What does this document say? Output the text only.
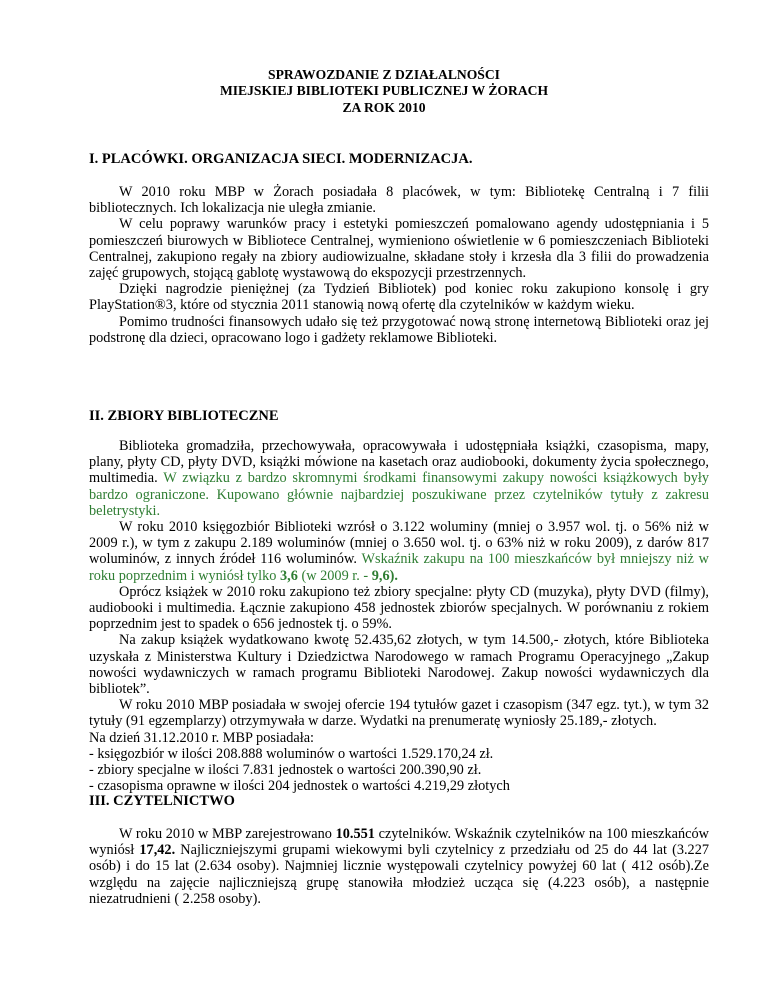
SPRAWOZDANIE Z DZIAŁALNOŚCI
MIEJSKIEJ BIBLIOTEKI PUBLICZNEJ W ŻORACH
ZA ROK 2010
I. PLACÓWKI. ORGANIZACJA SIECI. MODERNIZACJA.
W 2010 roku MBP w Żorach posiadała 8 placówek, w tym: Bibliotekę Centralną i 7 filii bibliotecznych. Ich lokalizacja nie uległa zmianie.
W celu poprawy warunków pracy i estetyki pomieszczeń pomalowano agendy udostępniania i 5 pomieszczeń biurowych w Bibliotece Centralnej, wymieniono oświetlenie w 6 pomieszczeniach Biblioteki Centralnej, zakupiono regały na zbiory audiowizualne, składane stoły i krzesła dla 3 filii do prowadzenia zajęć grupowych, stojącą gablotę wystawową do ekspozycji przestrzennych.
Dzięki nagrodzie pieniężnej (za Tydzień Bibliotek) pod koniec roku zakupiono konsolę i gry PlayStation®3, które od stycznia 2011 stanowią nową ofertę dla czytelników w każdym wieku.
Pomimo trudności finansowych udało się też przygotować nową stronę internetową Biblioteki oraz jej podstronę dla dzieci, opracowano logo i gadżety reklamowe Biblioteki.
II. ZBIORY BIBLIOTECZNE
Biblioteka gromadziła, przechowywała, opracowywała i udostępniała książki, czasopisma, mapy, plany, płyty CD, płyty DVD, książki mówione na kasetach oraz audiobooki, dokumenty życia społecznego, multimedia. W związku z bardzo skromnymi środkami finansowymi zakupy nowości książkowych były bardzo ograniczone. Kupowano głównie najbardziej poszukiwane przez czytelników tytuły z zakresu beletrystyki.
W roku 2010 księgozbiór Biblioteki wzrósł o 3.122 woluminy (mniej o 3.957 wol. tj. o 56% niż w 2009 r.), w tym z zakupu 2.189 woluminów (mniej o 3.650 wol. tj. o 63% niż w roku 2009), z darów 817 woluminów, z innych źródeł 116 woluminów. Wskaźnik zakupu na 100 mieszkańców był mniejszy niż w roku poprzednim i wyniósł tylko 3,6 (w 2009 r. - 9,6).
Oprócz książek w 2010 roku zakupiono też zbiory specjalne: płyty CD (muzyka), płyty DVD (filmy), audiobooki i multimedia. Łącznie zakupiono 458 jednostek zbiorów specjalnych. W porównaniu z rokiem poprzednim jest to spadek o 656 jednostek tj. o 59%.
Na zakup książek wydatkowano kwotę 52.435,62 złotych, w tym 14.500,- złotych, które Biblioteka uzyskała z Ministerstwa Kultury i Dziedzictwa Narodowego w ramach Programu Operacyjnego „Zakup nowości wydawniczych w ramach programu Biblioteki Narodowej. Zakup nowości wydawniczych dla bibliotek”.
W roku 2010 MBP posiadała w swojej ofercie 194 tytułów gazet i czasopism (347 egz. tyt.), w tym 32 tytuły (91 egzemplarzy) otrzymywała w darze. Wydatki na prenumeratę wyniosły 25.189,- złotych.
Na dzień 31.12.2010 r. MBP posiadała:
- księgozbiór w ilości 208.888 woluminów o wartości 1.529.170,24 zł.
- zbiory specjalne w ilości 7.831 jednostek o wartości 200.390,90 zł.
- czasopisma oprawne w ilości 204 jednostek o wartości 4.219,29 złotych
III. CZYTELNICTWO
W roku 2010 w MBP zarejestrowano 10.551 czytelników. Wskaźnik czytelników na 100 mieszkańców wyniósł 17,42. Najliczniejszymi grupami wiekowymi byli czytelnicy z przedziału od 25 do 44 lat (3.227 osób) i do 15 lat (2.634 osoby). Najmniej licznie występowali czytelnicy powyżej 60 lat ( 412 osób).Ze względu na zajęcie najliczniejszą grupę stanowiła młodzież ucząca się (4.223 osób), a następnie niezatrudnieni ( 2.258 osoby).
